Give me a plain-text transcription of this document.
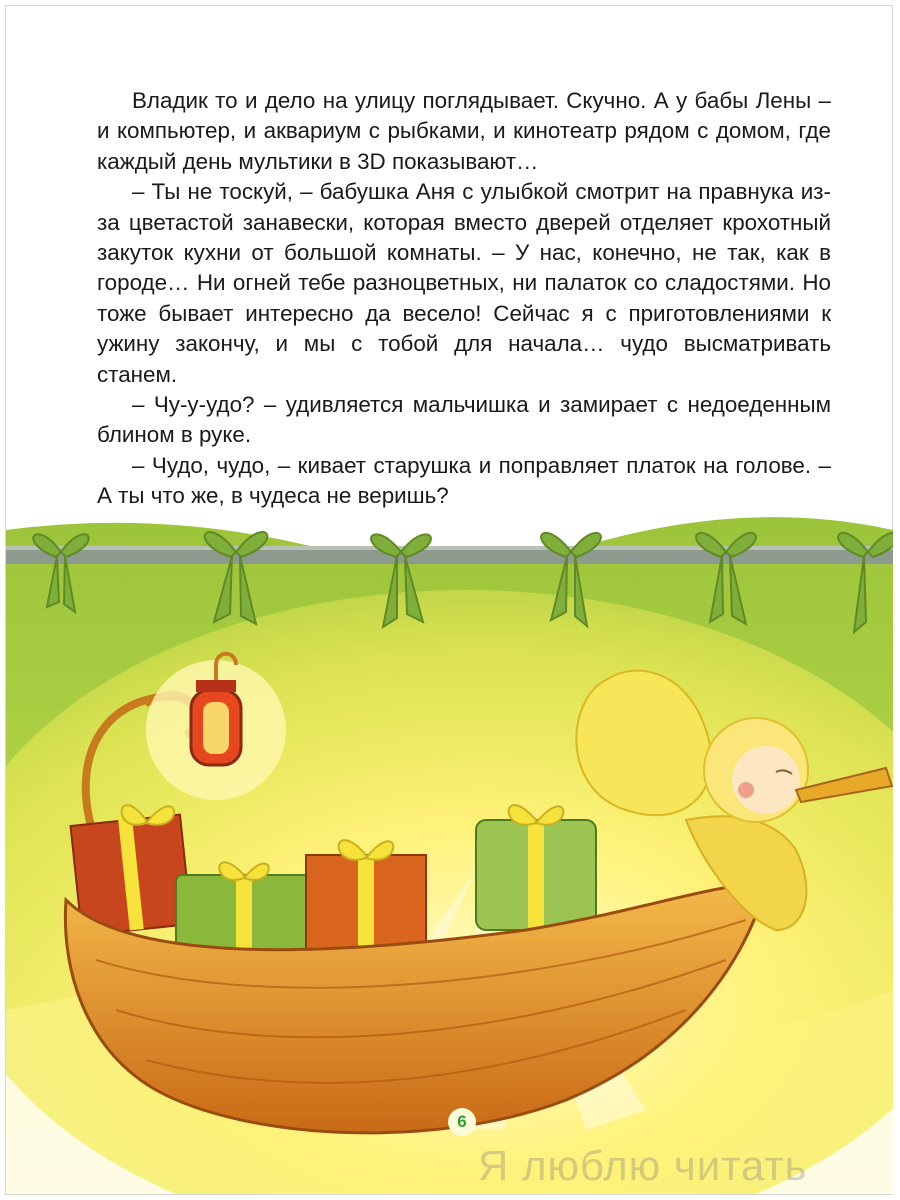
Владик то и дело на улицу поглядывает. Скучно. А у бабы Лены – и компьютер, и аквариум с рыбками, и кинотеатр рядом с домом, где каждый день мультики в 3D показывают…

– Ты не тоскуй, – бабушка Аня с улыбкой смотрит на правнука из-за цветастой занавески, которая вместо дверей отделяет крохотный закуток кухни от большой комнаты. – У нас, конечно, не так, как в городе… Ни огней тебе разноцветных, ни палаток со сладостями. Но тоже бывает интересно да весело! Сейчас я с приготовлениями к ужину закончу, и мы с тобой для начала… чудо высматривать станем.

– Чу-у-удо? – удивляется мальчишка и замирает с недоеденным блином в руке.

– Чудо, чудо, – кивает старушка и поправляет платок на голове. – А ты что же, в чудеса не веришь?

6
Я люблю читать
